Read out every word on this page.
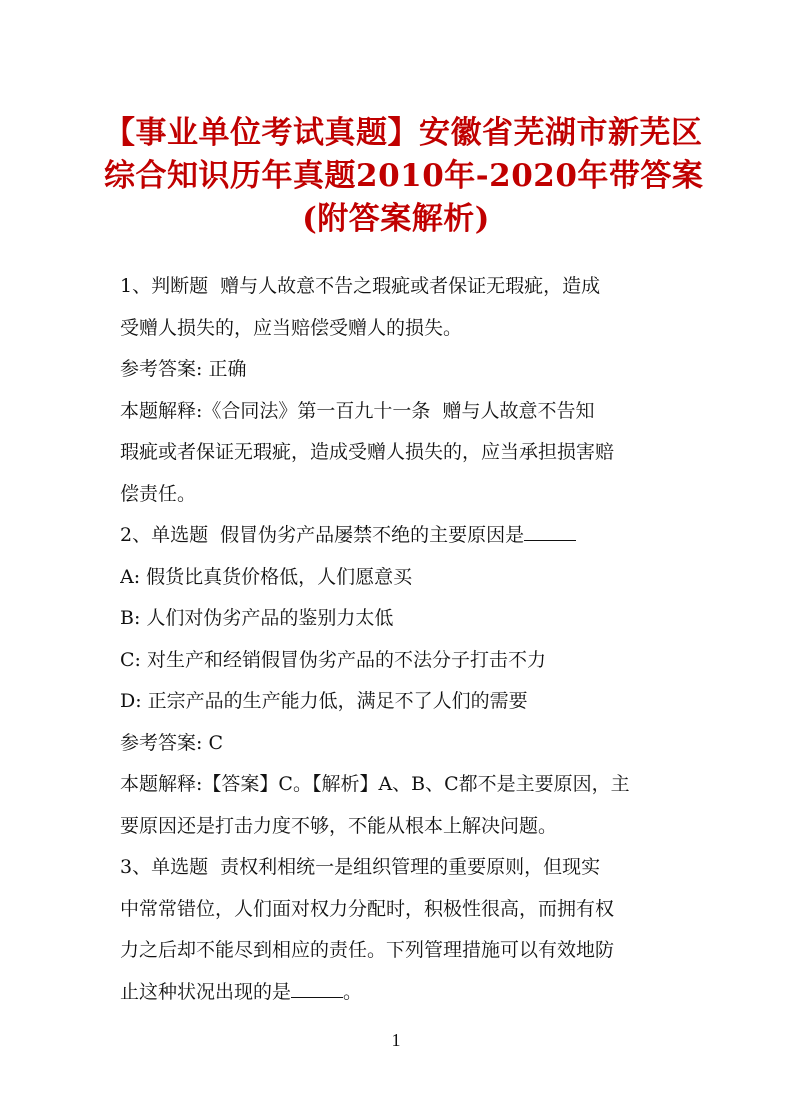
【事业单位考试真题】安徽省芜湖市新芜区
综合知识历年真题2010年-2020年带答案
(附答案解析)
1、判断题  赠与人故意不告之瑕疵或者保证无瑕疵，造成
受赠人损失的，应当赔偿受赠人的损失。
参考答案: 正确
本题解释:《合同法》第一百九十一条  赠与人故意不告知
瑕疵或者保证无瑕疵，造成受赠人损失的，应当承担损害赔
偿责任。
2、单选题  假冒伪劣产品屡禁不绝的主要原因是
A: 假货比真货价格低，人们愿意买
B: 人们对伪劣产品的鉴别力太低
C: 对生产和经销假冒伪劣产品的不法分子打击不力
D: 正宗产品的生产能力低，满足不了人们的需要
参考答案: C
本题解释:【答案】C。【解析】A、B、C都不是主要原因，主
要原因还是打击力度不够，不能从根本上解决问题。
3、单选题  责权利相统一是组织管理的重要原则，但现实
中常常错位，人们面对权力分配时，积极性很高，而拥有权
力之后却不能尽到相应的责任。下列管理措施可以有效地防
止这种状况出现的是	。
1
